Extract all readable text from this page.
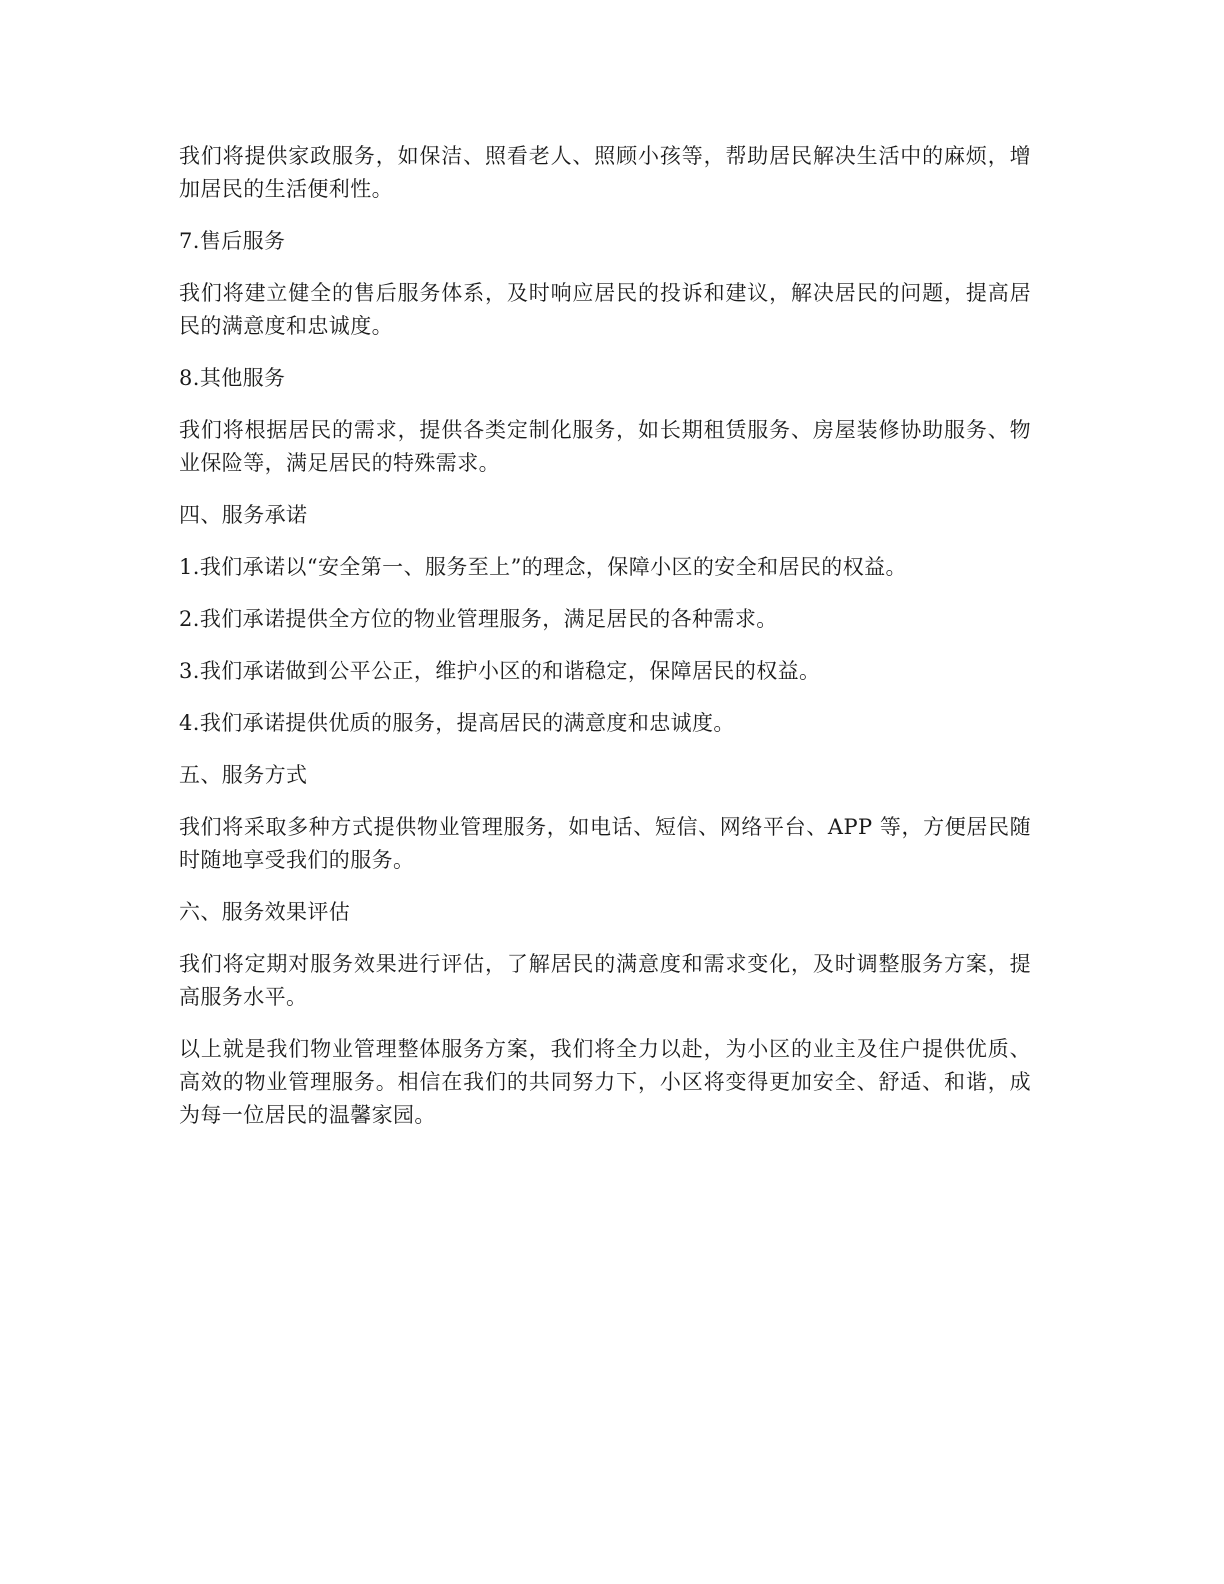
我们将提供家政服务，如保洁、照看老人、照顾小孩等，帮助居民解决生活中的麻烦，增加居民的生活便利性。

7.售后服务

我们将建立健全的售后服务体系，及时响应居民的投诉和建议，解决居民的问题，提高居民的满意度和忠诚度。

8.其他服务

我们将根据居民的需求，提供各类定制化服务，如长期租赁服务、房屋装修协助服务、物业保险等，满足居民的特殊需求。

四、服务承诺

1.我们承诺以“安全第一、服务至上”的理念，保障小区的安全和居民的权益。

2.我们承诺提供全方位的物业管理服务，满足居民的各种需求。

3.我们承诺做到公平公正，维护小区的和谐稳定，保障居民的权益。

4.我们承诺提供优质的服务，提高居民的满意度和忠诚度。

五、服务方式

我们将采取多种方式提供物业管理服务，如电话、短信、网络平台、APP 等，方便居民随时随地享受我们的服务。

六、服务效果评估

我们将定期对服务效果进行评估，了解居民的满意度和需求变化，及时调整服务方案，提高服务水平。

以上就是我们物业管理整体服务方案，我们将全力以赴，为小区的业主及住户提供优质、高效的物业管理服务。相信在我们的共同努力下，小区将变得更加安全、舒适、和谐，成为每一位居民的温馨家园。
